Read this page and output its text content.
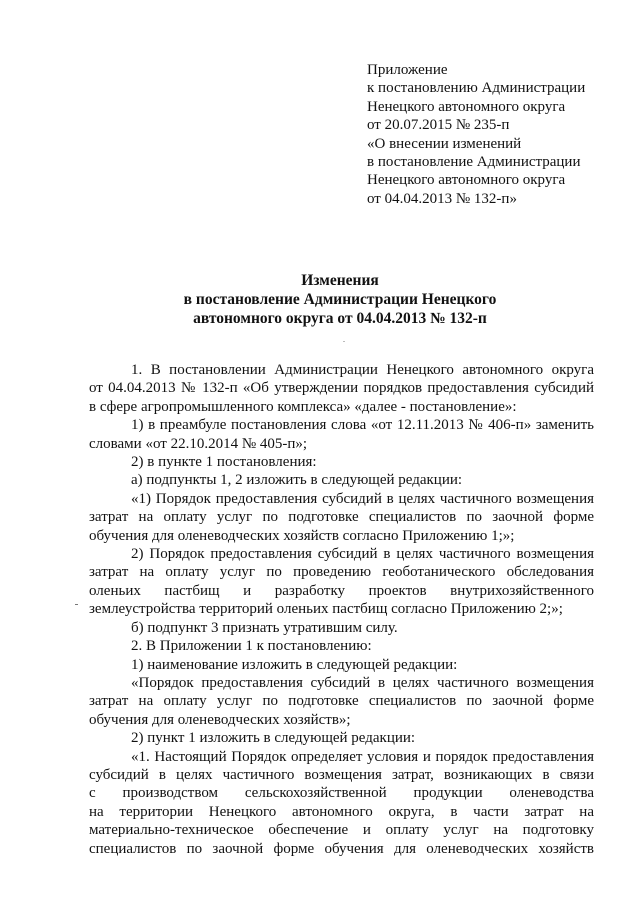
Приложение
к постановлению Администрации
Ненецкого автономного округа
от 20.07.2015 № 235-п
«О внесении изменений
в постановление Администрации
Ненецкого автономного округа
от 04.04.2013 № 132-п»
Изменения
в постановление Администрации Ненецкого
автономного округа от 04.04.2013 № 132-п
1. В постановлении Администрации Ненецкого автономного округа
от 04.04.2013 № 132-п «Об утверждении порядков предоставления субсидий
в сфере агропромышленного комплекса» «далее - постановление»:
1) в преамбуле постановления слова «от 12.11.2013 № 406-п» заменить
словами «от 22.10.2014 № 405-п»;
2) в пункте 1 постановления:
а) подпункты 1, 2 изложить в следующей редакции:
«1) Порядок предоставления субсидий в целях частичного возмещения
затрат на оплату услуг по подготовке специалистов по заочной форме
обучения для оленеводческих хозяйств согласно Приложению 1;»;
2) Порядок предоставления субсидий в целях частичного возмещения
затрат на оплату услуг по проведению геоботанического обследования
оленьих пастбищ и разработку проектов внутрихозяйственного
землеустройства территорий оленьих пастбищ согласно Приложению 2;»;
б) подпункт 3 признать утратившим силу.
2. В Приложении 1 к постановлению:
1) наименование изложить в следующей редакции:
«Порядок предоставления субсидий в целях частичного возмещения
затрат на оплату услуг по подготовке специалистов по заочной форме
обучения для оленеводческих хозяйств»;
2) пункт 1 изложить в следующей редакции:
«1. Настоящий Порядок определяет условия и порядок предоставления
субсидий в целях частичного возмещения затрат, возникающих в связи
с производством сельскохозяйственной продукции оленеводства
на территории Ненецкого автономного округа, в части затрат на
материально-техническое обеспечение и оплату услуг на подготовку
специалистов по заочной форме обучения для оленеводческих хозяйств
